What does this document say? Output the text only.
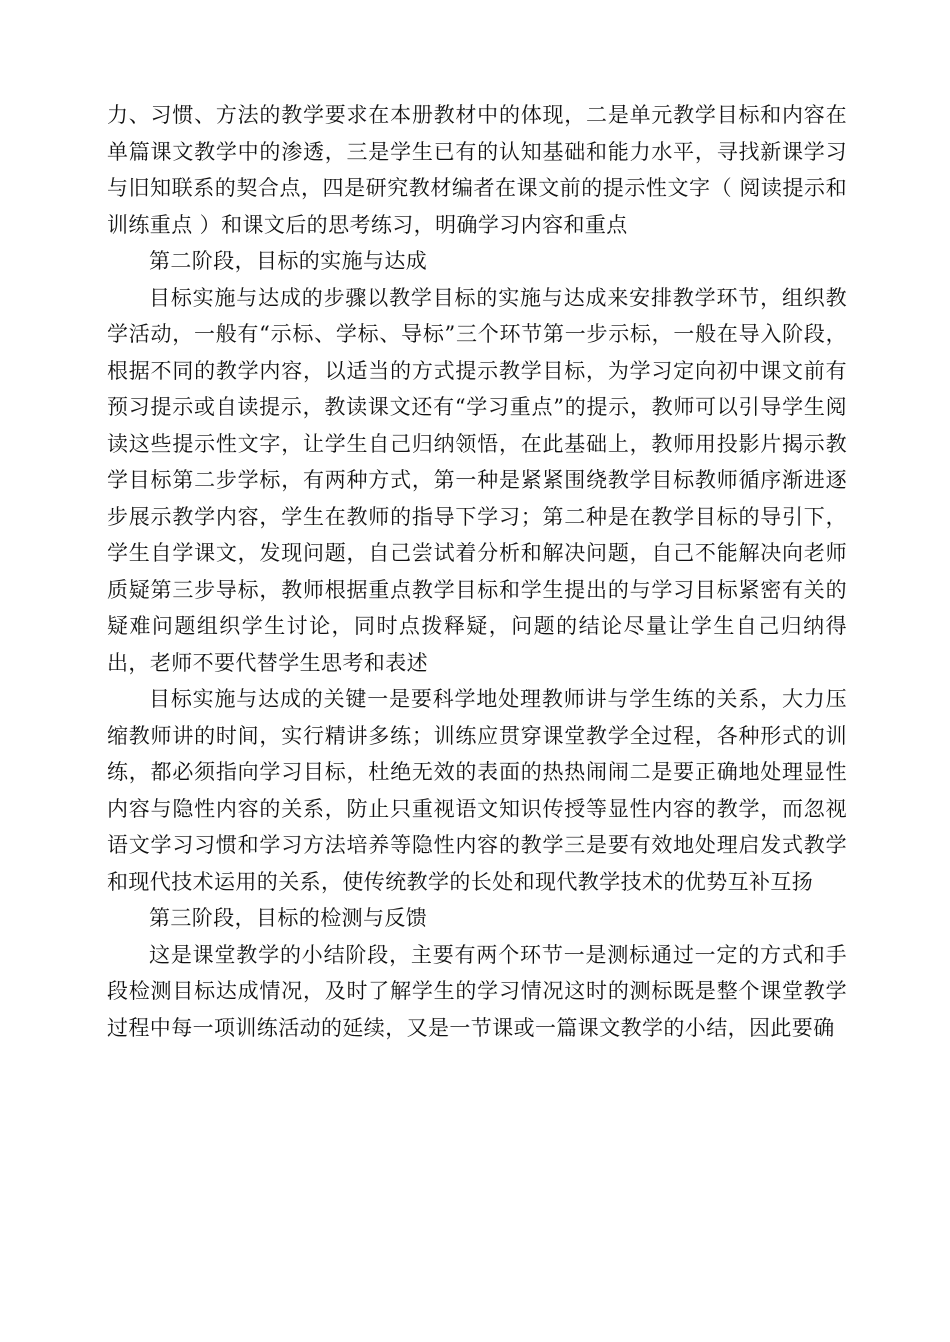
力、习惯、方法的教学要求在本册教材中的体现，二是单元教学目标和内容在单篇课文教学中的渗透，三是学生已有的认知基础和能力水平，寻找新课学习与旧知联系的契合点，四是研究教材编者在课文前的提示性文字（ 阅读提示和训练重点 ）和课文后的思考练习，明确学习内容和重点

第二阶段，目标的实施与达成

目标实施与达成的步骤以教学目标的实施与达成来安排教学环节，组织教学活动，一般有“示标、学标、导标”三个环节第一步示标，一般在导入阶段，根据不同的教学内容，以适当的方式提示教学目标，为学习定向初中课文前有预习提示或自读提示，教读课文还有“学习重点”的提示，教师可以引导学生阅读这些提示性文字，让学生自己归纳领悟，在此基础上，教师用投影片揭示教学目标第二步学标，有两种方式，第一种是紧紧围绕教学目标教师循序渐进逐步展示教学内容，学生在教师的指导下学习；第二种是在教学目标的导引下，学生自学课文，发现问题，自己尝试着分析和解决问题，自己不能解决向老师质疑第三步导标，教师根据重点教学目标和学生提出的与学习目标紧密有关的疑难问题组织学生讨论，同时点拨释疑，问题的结论尽量让学生自己归纳得出，老师不要代替学生思考和表述

目标实施与达成的关键一是要科学地处理教师讲与学生练的关系，大力压缩教师讲的时间，实行精讲多练；训练应贯穿课堂教学全过程，各种形式的训练，都必须指向学习目标，杜绝无效的表面的热热闹闹二是要正确地处理显性内容与隐性内容的关系，防止只重视语文知识传授等显性内容的教学，而忽视语文学习习惯和学习方法培养等隐性内容的教学三是要有效地处理启发式教学和现代技术运用的关系，使传统教学的长处和现代教学技术的优势互补互扬

第三阶段，目标的检测与反馈

这是课堂教学的小结阶段，主要有两个环节一是测标通过一定的方式和手段检测目标达成情况，及时了解学生的学习情况这时的测标既是整个课堂教学过程中每一项训练活动的延续，又是一节课或一篇课文教学的小结，因此要确
